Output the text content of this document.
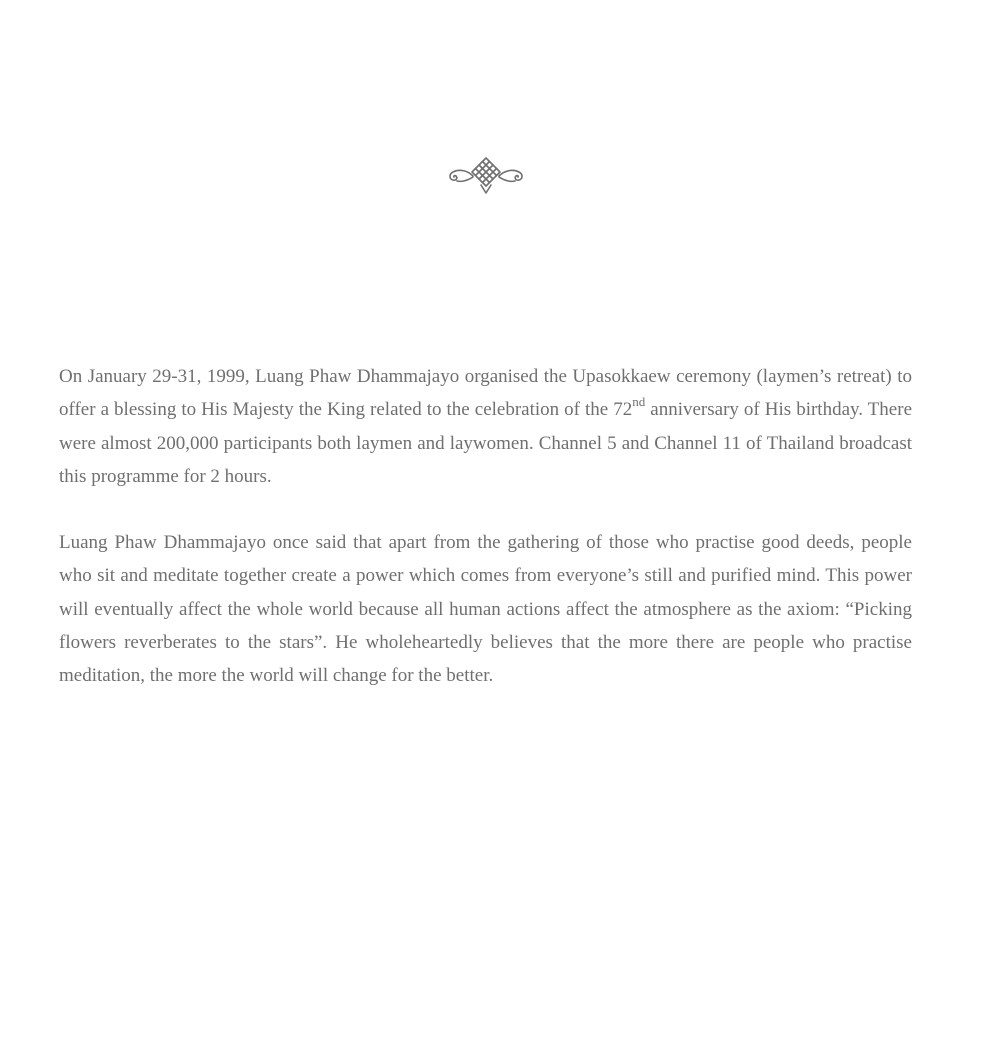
On January 29-31, 1999, Luang Phaw Dhammajayo organised the Upasokkaew ceremony (laymen’s retreat) to offer a blessing to His Majesty the King related to the celebration of the 72nd anniversary of His birthday. There were almost 200,000 participants both laymen and laywomen. Channel 5 and Channel 11 of Thailand broadcast this programme for 2 hours.

Luang Phaw Dhammajayo once said that apart from the gathering of those who practise good deeds, people who sit and meditate together create a power which comes from everyone’s still and purified mind. This power will eventually affect the whole world because all human actions affect the atmosphere as the axiom: “Picking flowers reverberates to the stars”. He wholeheartedly believes that the more there are people who practise meditation, the more the world will change for the better.
